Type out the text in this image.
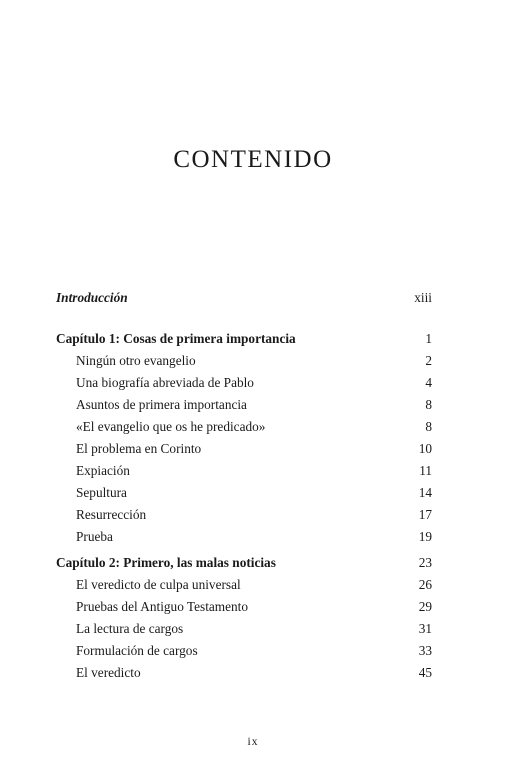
CONTENIDO
Introducción	xiii
Capítulo 1: Cosas de primera importancia	1
Ningún otro evangelio	2
Una biografía abreviada de Pablo	4
Asuntos de primera importancia	8
«El evangelio que os he predicado»	8
El problema en Corinto	10
Expiación	11
Sepultura	14
Resurrección	17
Prueba	19
Capítulo 2: Primero, las malas noticias	23
El veredicto de culpa universal	26
Pruebas del Antiguo Testamento	29
La lectura de cargos	31
Formulación de cargos	33
El veredicto	45
ix
